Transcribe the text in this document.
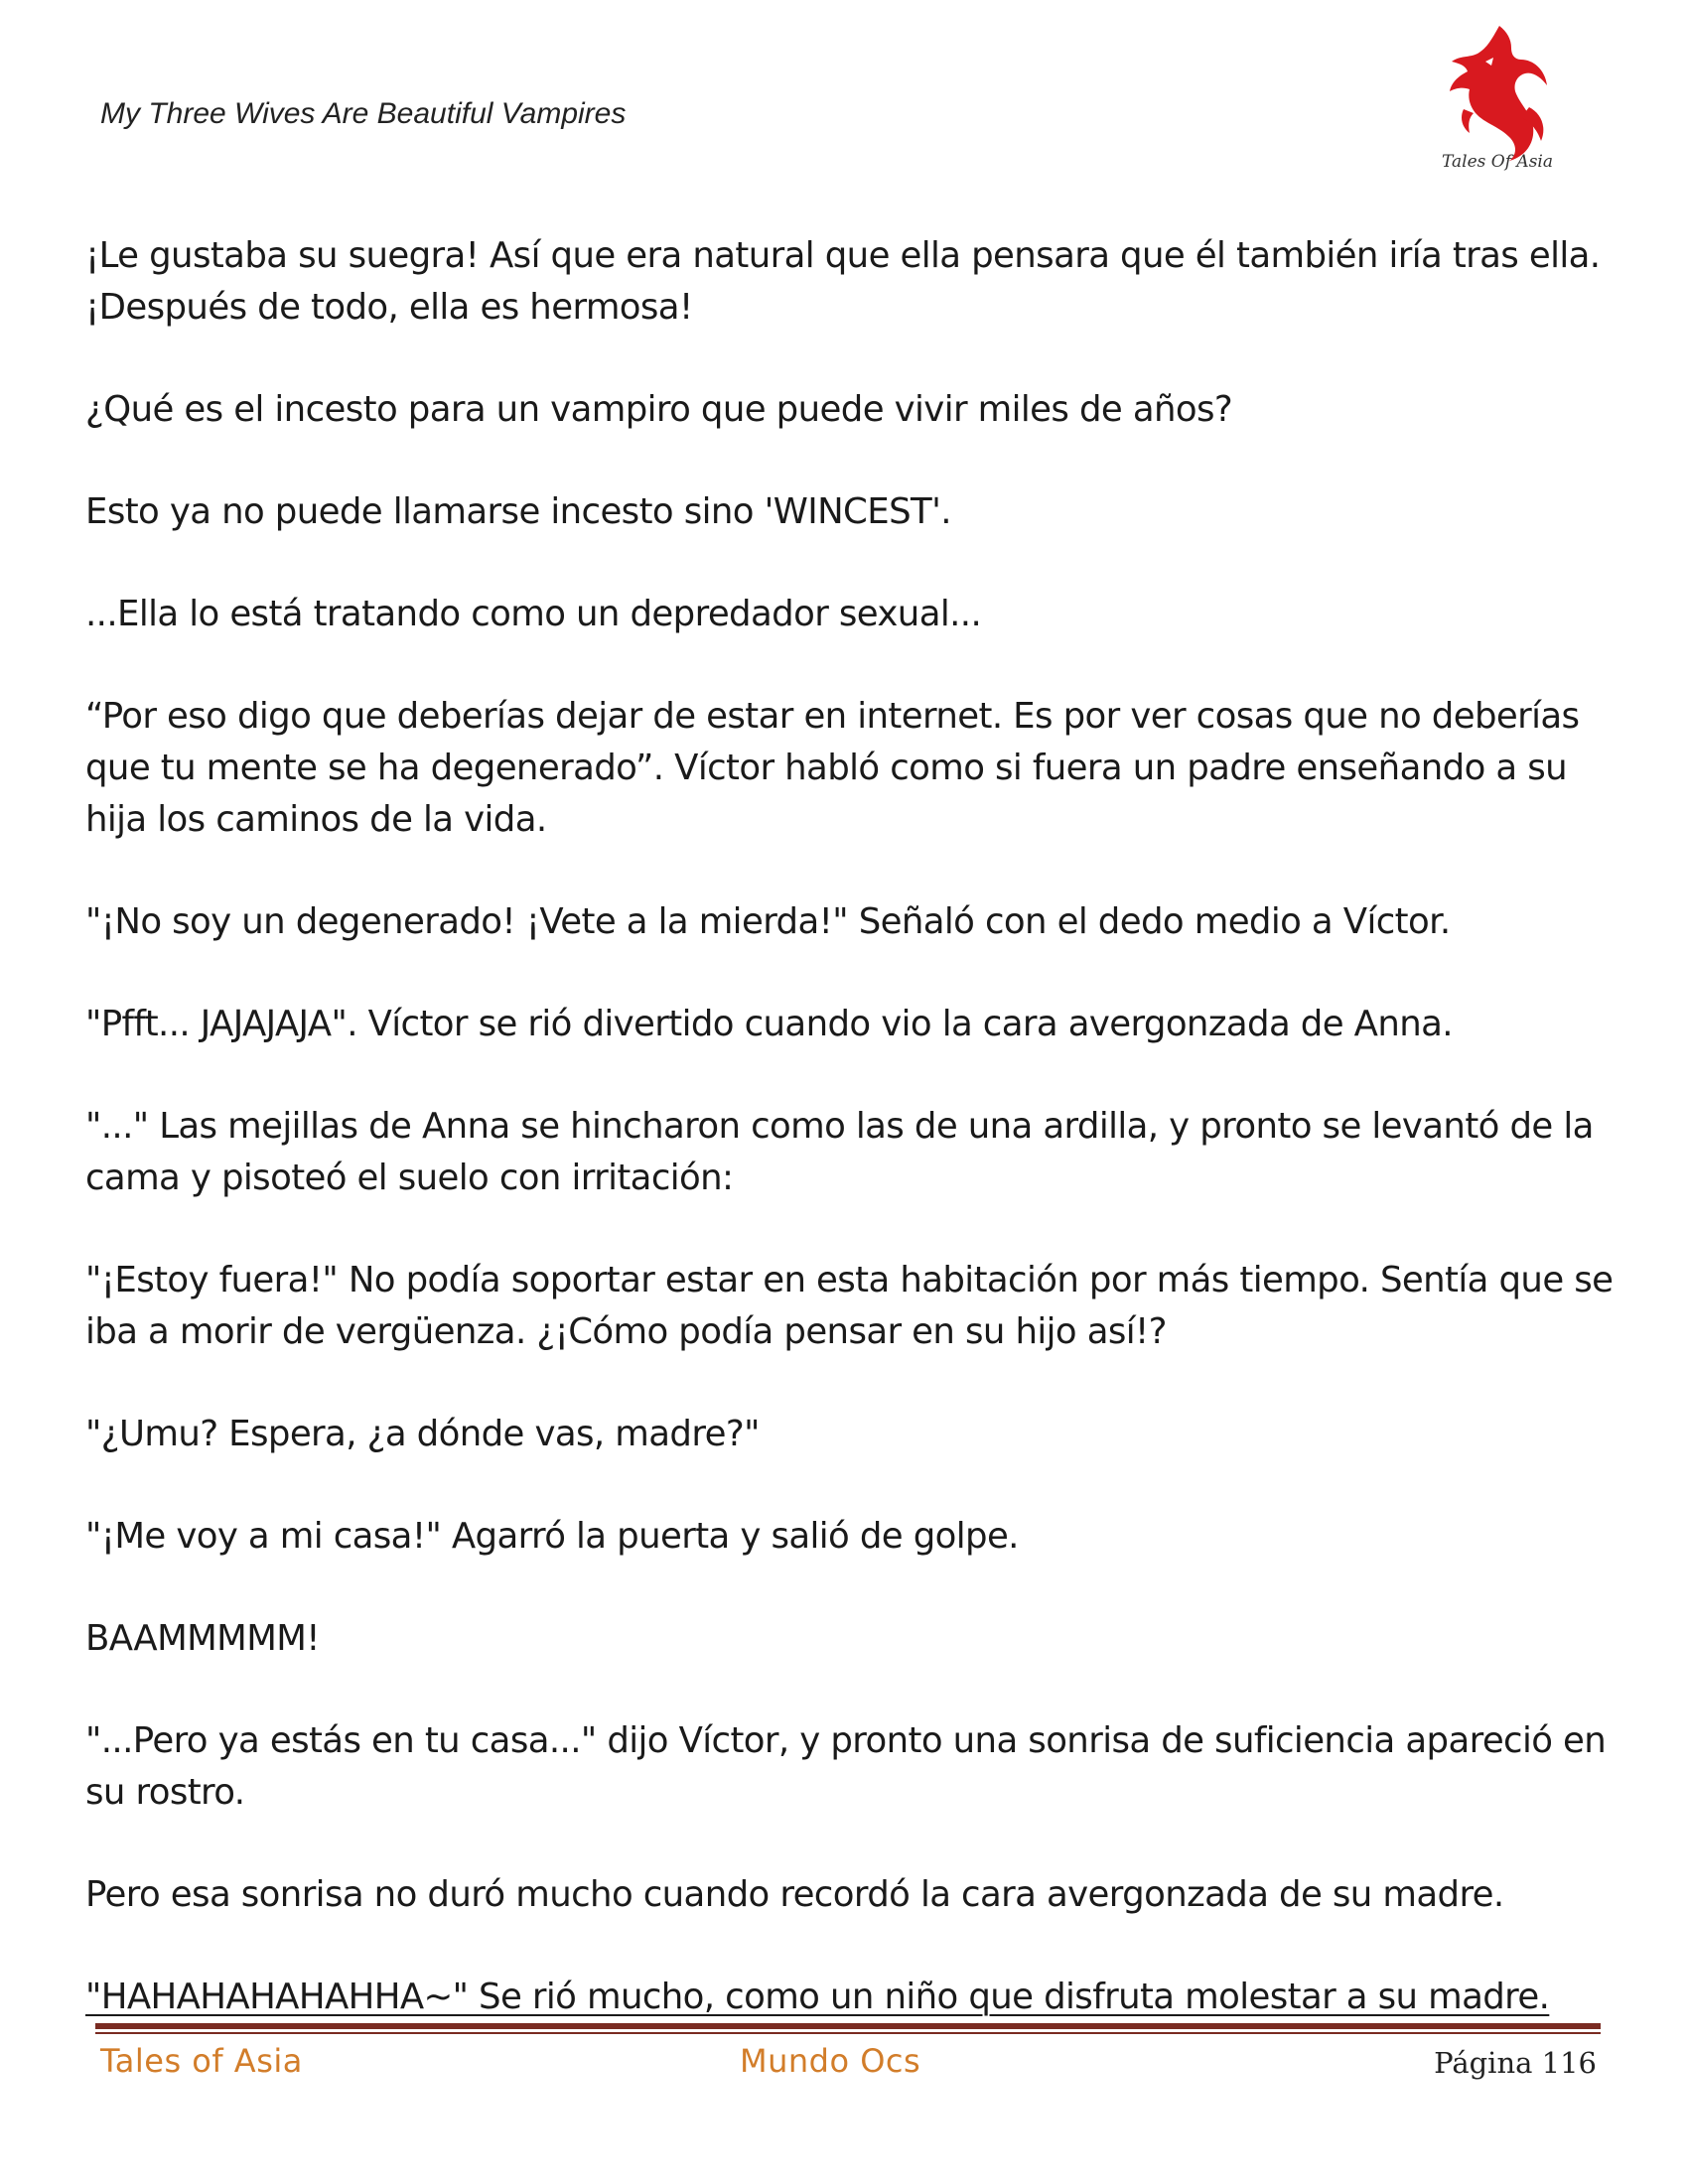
My Three Wives Are Beautiful Vampires
Tales Of Asia

¡Le gustaba su suegra! Así que era natural que ella pensara que él también iría tras ella. ¡Después de todo, ella es hermosa!

¿Qué es el incesto para un vampiro que puede vivir miles de años?

Esto ya no puede llamarse incesto sino 'WINCEST'.

...Ella lo está tratando como un depredador sexual...

“Por eso digo que deberías dejar de estar en internet. Es por ver cosas que no deberías que tu mente se ha degenerado”. Víctor habló como si fuera un padre enseñando a su hija los caminos de la vida.

"¡No soy un degenerado! ¡Vete a la mierda!" Señaló con el dedo medio a Víctor.

"Pfft... JAJAJAJA". Víctor se rió divertido cuando vio la cara avergonzada de Anna.

"..." Las mejillas de Anna se hincharon como las de una ardilla, y pronto se levantó de la cama y pisoteó el suelo con irritación:

"¡Estoy fuera!" No podía soportar estar en esta habitación por más tiempo. Sentía que se iba a morir de vergüenza. ¿¡Cómo podía pensar en su hijo así!?

"¿Umu? Espera, ¿a dónde vas, madre?"

"¡Me voy a mi casa!" Agarró la puerta y salió de golpe.

BAAMMMMM!

"...Pero ya estás en tu casa..." dijo Víctor, y pronto una sonrisa de suficiencia apareció en su rostro.

Pero esa sonrisa no duró mucho cuando recordó la cara avergonzada de su madre.

"HAHAHAHAHAHHA~" Se rió mucho, como un niño que disfruta molestar a su madre.

Tales of Asia	Mundo Ocs	Página 116
